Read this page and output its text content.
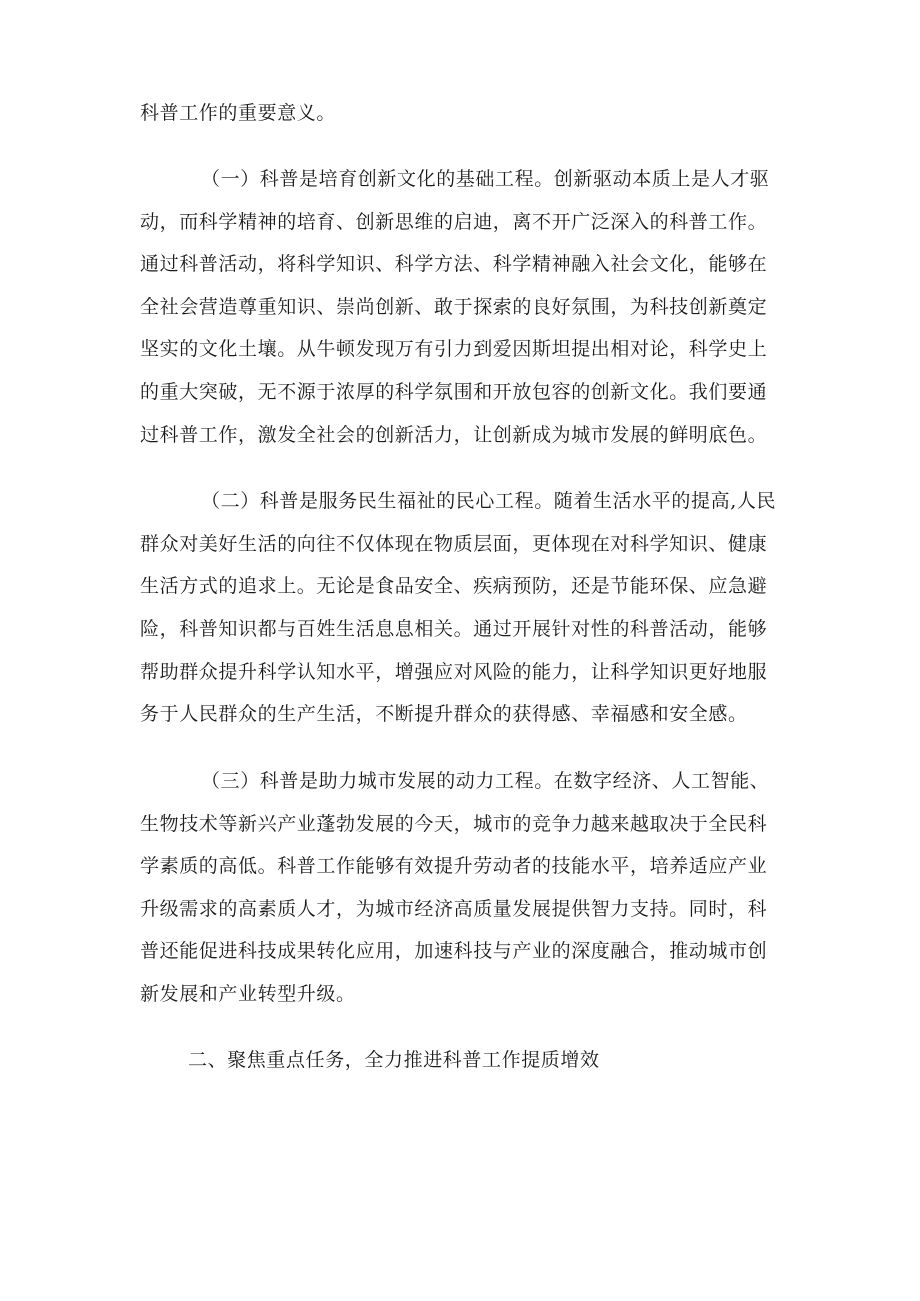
科普工作的重要意义。
（一）科普是培育创新文化的基础工程。创新驱动本质上是人才驱
动，而科学精神的培育、创新思维的启迪，离不开广泛深入的科普工作。
通过科普活动，将科学知识、科学方法、科学精神融入社会文化，能够在
全社会营造尊重知识、崇尚创新、敢于探索的良好氛围，为科技创新奠定
坚实的文化土壤。从牛顿发现万有引力到爱因斯坦提出相对论，科学史上
的重大突破，无不源于浓厚的科学氛围和开放包容的创新文化。我们要通
过科普工作，激发全社会的创新活力，让创新成为城市发展的鲜明底色。
（二）科普是服务民生福祉的民心工程。随着生活水平的提高,人民
群众对美好生活的向往不仅体现在物质层面，更体现在对科学知识、健康
生活方式的追求上。无论是食品安全、疾病预防，还是节能环保、应急避
险，科普知识都与百姓生活息息相关。通过开展针对性的科普活动，能够
帮助群众提升科学认知水平，增强应对风险的能力，让科学知识更好地服
务于人民群众的生产生活，不断提升群众的获得感、幸福感和安全感。
（三）科普是助力城市发展的动力工程。在数字经济、人工智能、
生物技术等新兴产业蓬勃发展的今天，城市的竞争力越来越取决于全民科
学素质的高低。科普工作能够有效提升劳动者的技能水平，培养适应产业
升级需求的高素质人才，为城市经济高质量发展提供智力支持。同时，科
普还能促进科技成果转化应用，加速科技与产业的深度融合，推动城市创
新发展和产业转型升级。
二、聚焦重点任务，全力推进科普工作提质增效
